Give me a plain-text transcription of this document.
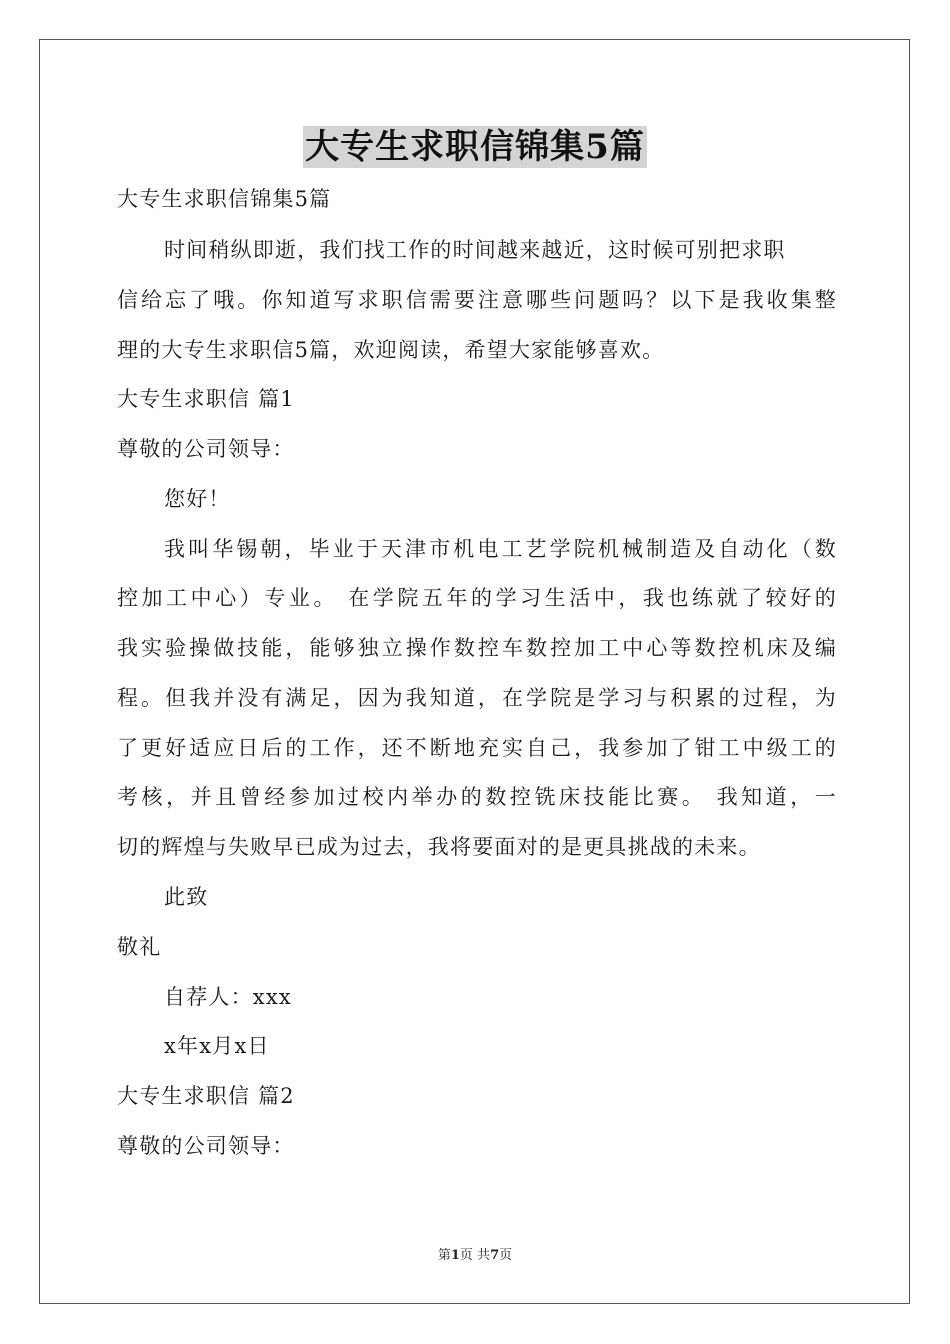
大专生求职信锦集5篇
大专生求职信锦集5篇
时间稍纵即逝，我们找工作的时间越来越近，这时候可别把求职
信给忘了哦。你知道写求职信需要注意哪些问题吗？以下是我收集整
理的大专生求职信5篇，欢迎阅读，希望大家能够喜欢。
大专生求职信 篇1
尊敬的公司领导：
您好！
我叫华锡朝，毕业于天津市机电工艺学院机械制造及自动化（数
控加工中心）专业。 在学院五年的学习生活中，我也练就了较好的
我实验操做技能，能够独立操作数控车数控加工中心等数控机床及编
程。但我并没有满足，因为我知道，在学院是学习与积累的过程，为
了更好适应日后的工作，还不断地充实自己，我参加了钳工中级工的
考核，并且曾经参加过校内举办的数控铣床技能比赛。 我知道，一
切的辉煌与失败早已成为过去，我将要面对的是更具挑战的未来。
此致
敬礼
自荐人：xxx
x年x月x日
大专生求职信 篇2
尊敬的公司领导：
第1页 共7页
